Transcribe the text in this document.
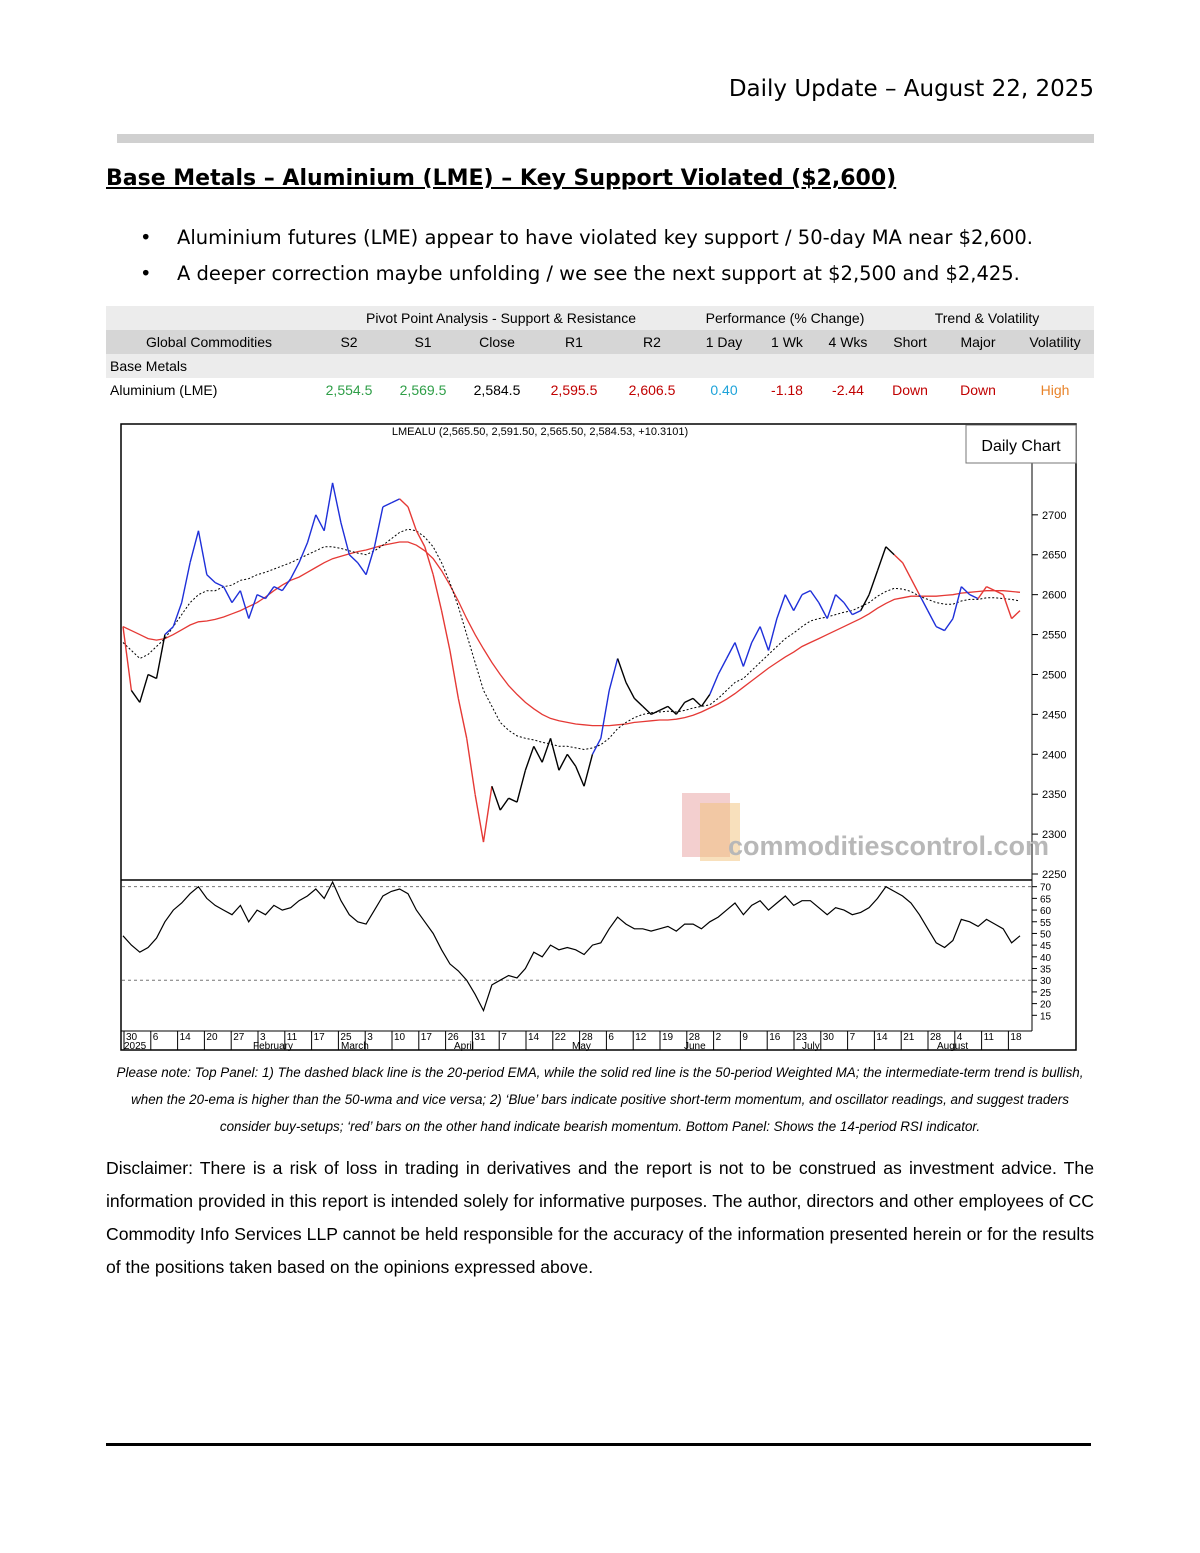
Daily Update – August 22, 2025
Base Metals – Aluminium (LME) – Key Support Violated ($2,600)
• Aluminium futures (LME) appear to have violated key support / 50-day MA near $2,600.
• A deeper correction maybe unfolding / we see the next support at $2,500 and $2,425.
	Pivot Point Analysis - Support & Resistance					Performance (% Change)			Trend & Volatility		
Global Commodities	S2	S1	Close	R1	R2	1 Day	1 Wk	4 Wks	Short	Major	Volatility
Base Metals											
Aluminium (LME)	2,554.5	2,569.5	2,584.5	2,595.5	2,606.5	0.40	-1.18	-2.44	Down	Down	High
LMEALU (2,565.50, 2,591.50, 2,565.50, 2,584.53, +10.3101)
Daily Chart
commoditiescontrol.com
2250
2300
2350
2400
2450
2500
2550
2600
2650
2700
15
20
25
30
35
40
45
50
55
60
65
70
30 6 14 20 27 3 11 17 25 3 10 17 26 31 7 14 22 28 6 12 19 28 2 9 16 23 30 7 14 21 28 4 11 18
2025	February	March	April	May	June	July	August
Please note: Top Panel: 1) The dashed black line is the 20-period EMA, while the solid red line is the 50-period Weighted MA; the intermediate-term trend is bullish, when the 20-ema is higher than the 50-wma and vice versa; 2) ‘Blue’ bars indicate positive short-term momentum, and oscillator readings, and suggest traders consider buy-setups; ‘red’ bars on the other hand indicate bearish momentum. Bottom Panel: Shows the 14-period RSI indicator.
Disclaimer: There is a risk of loss in trading in derivatives and the report is not to be construed as investment advice. The information provided in this report is intended solely for informative purposes. The author, directors and other employees of CC Commodity Info Services LLP cannot be held responsible for the accuracy of the information presented herein or for the results of the positions taken based on the opinions expressed above.
